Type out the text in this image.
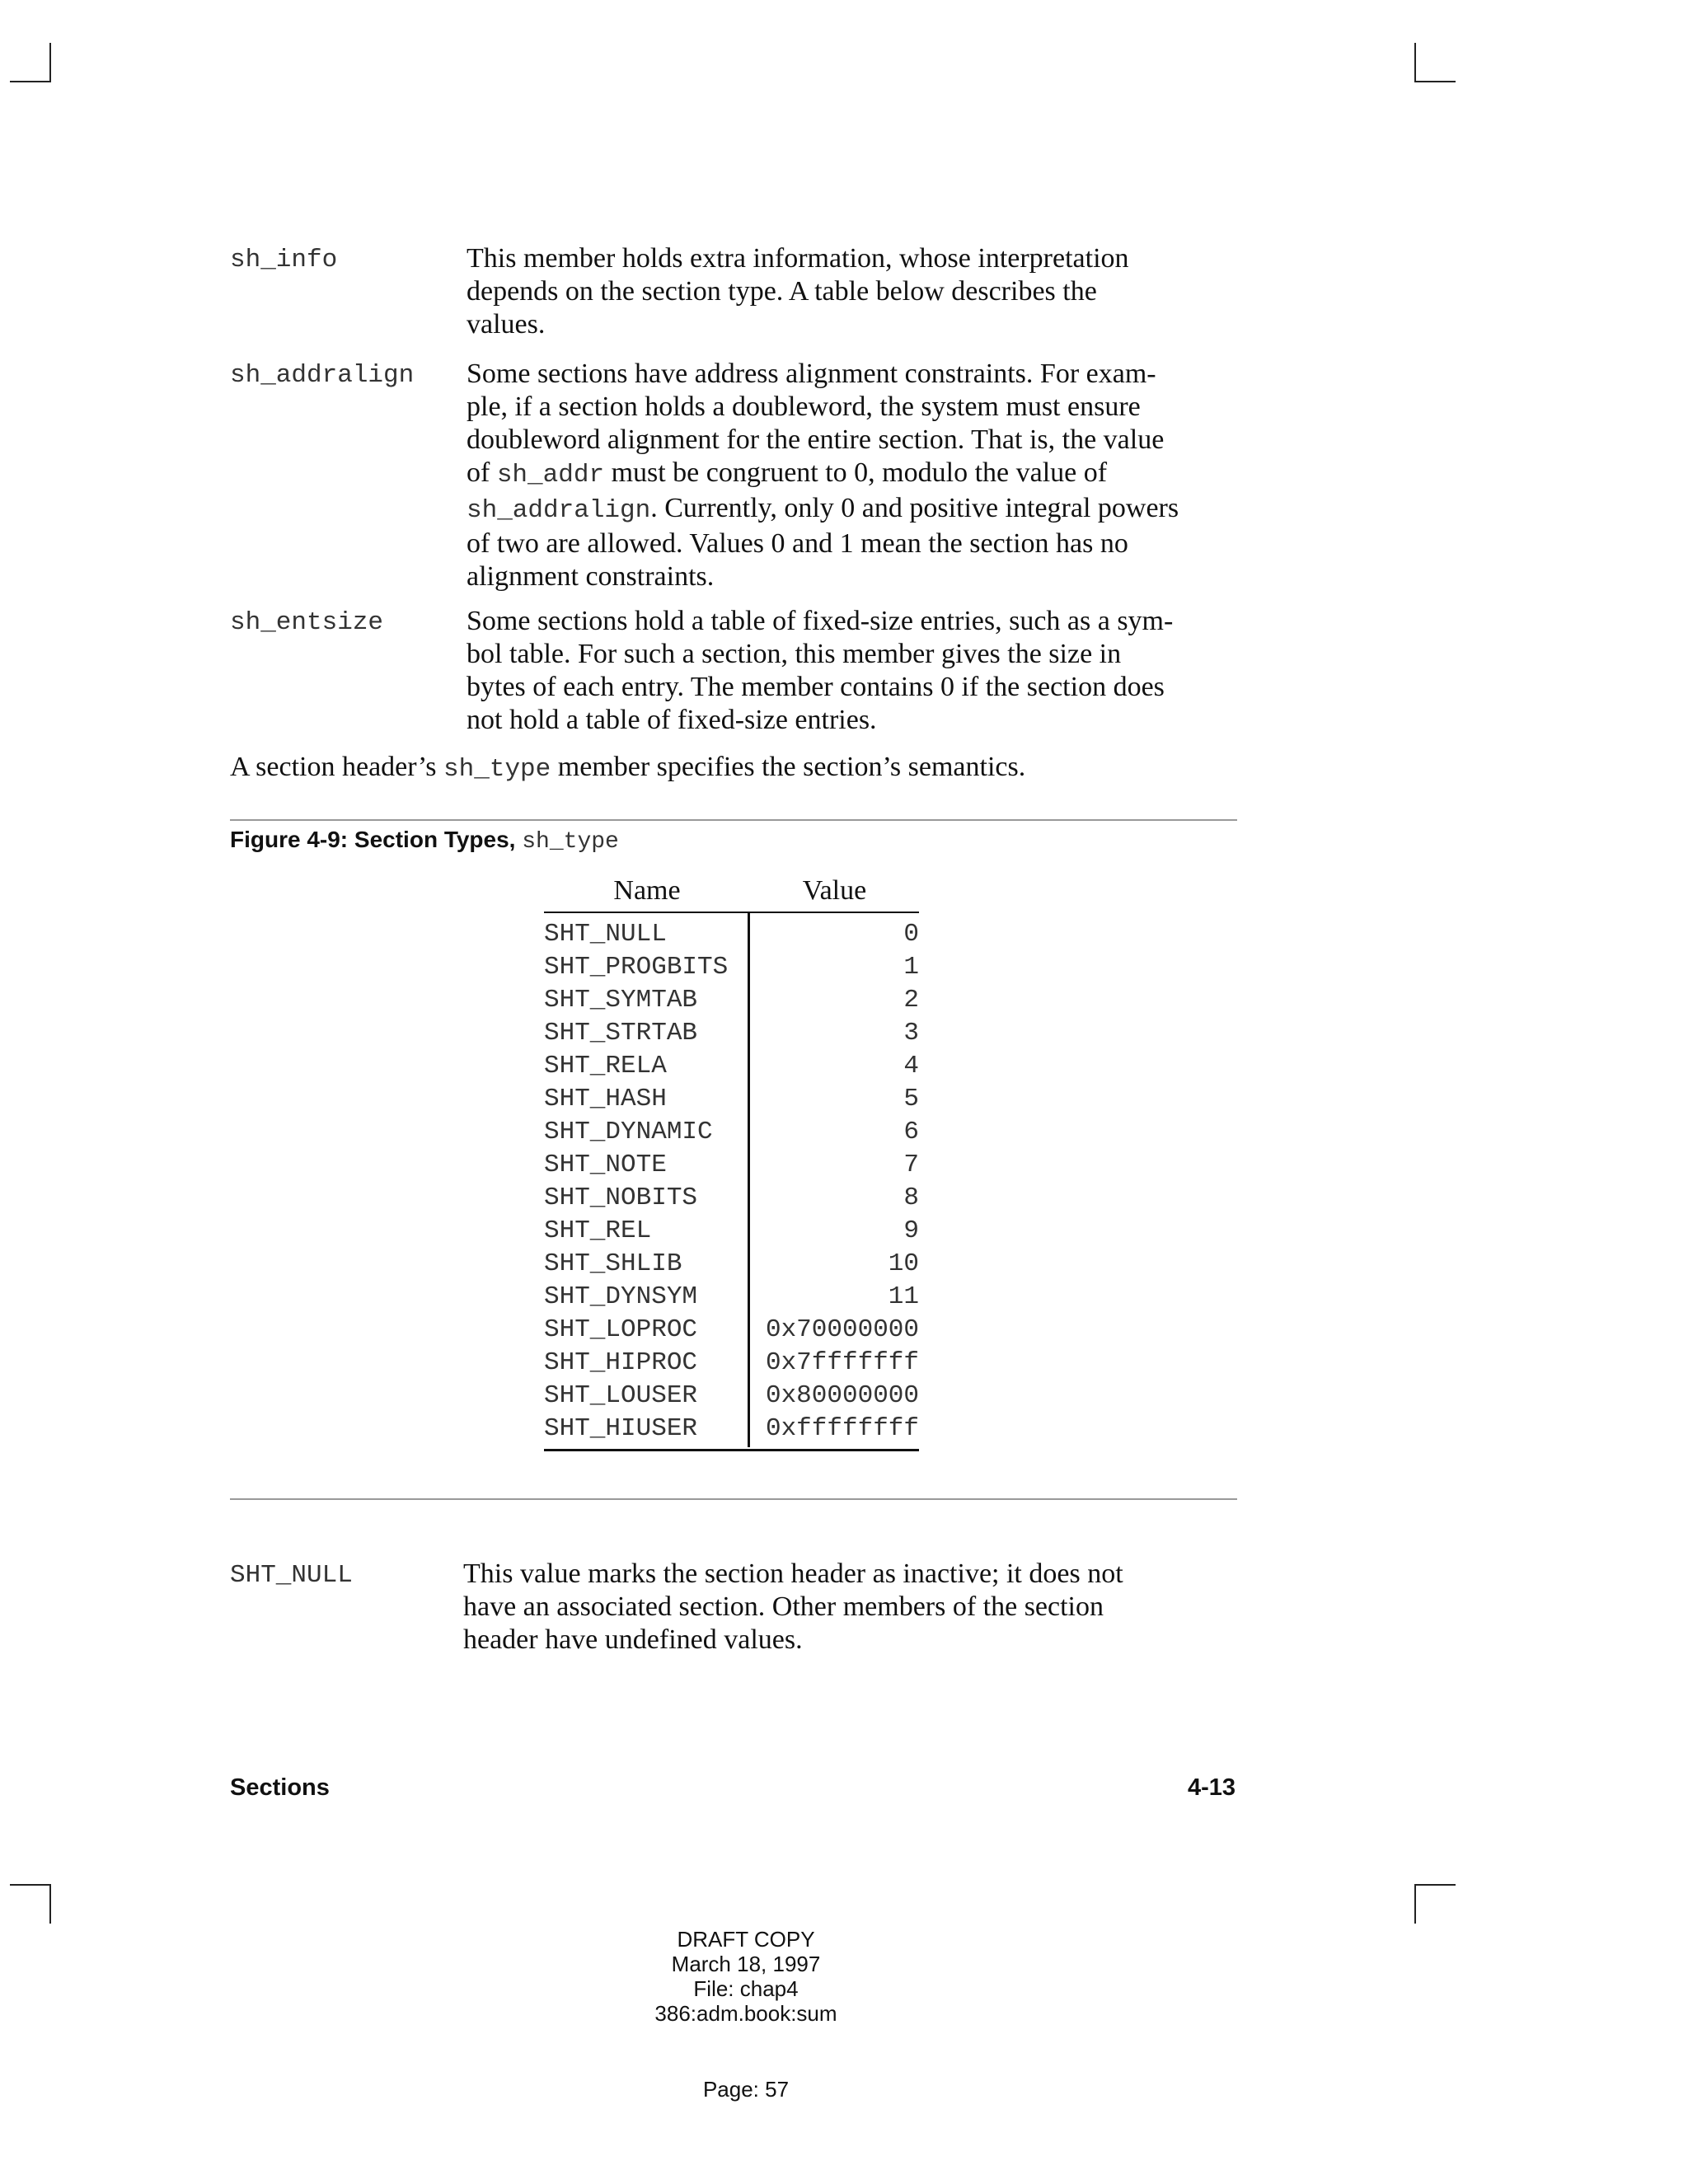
sh_info	This member holds extra information, whose interpretation
depends on the section type. A table below describes the
values.
sh_addralign Some sections have address alignment constraints. For exam-
ple, if a section holds a doubleword, the system must ensure
doubleword alignment for the entire section. That is, the value
of sh_addr must be congruent to 0, modulo the value of
sh_addralign. Currently, only 0 and positive integral powers
of two are allowed. Values 0 and 1 mean the section has no
alignment constraints.
sh_entsize	Some sections hold a table of fixed-size entries, such as a sym-
bol table. For such a section, this member gives the size in
bytes of each entry. The member contains 0 if the section does
not hold a table of fixed-size entries.
A section header’s sh_type member specifies the section’s semantics.
Figure 4-9: Section Types, sh_type
Name	Value
SHT_NULL	0
SHT_PROGBITS	1
SHT_SYMTAB	2
SHT_STRTAB	3
SHT_RELA	4
SHT_HASH	5
SHT_DYNAMIC	6
SHT_NOTE	7
SHT_NOBITS	8
SHT_REL	9
SHT_SHLIB	10
SHT_DYNSYM	11
SHT_LOPROC	0x70000000
SHT_HIPROC	0x7fffffff
SHT_LOUSER	0x80000000
SHT_HIUSER	0xffffffff
SHT_NULL	This value marks the section header as inactive; it does not
have an associated section. Other members of the section
header have undefined values.
Sections	4-13
DRAFT COPY
March 18, 1997
File: chap4
386:adm.book:sum
Page: 57
